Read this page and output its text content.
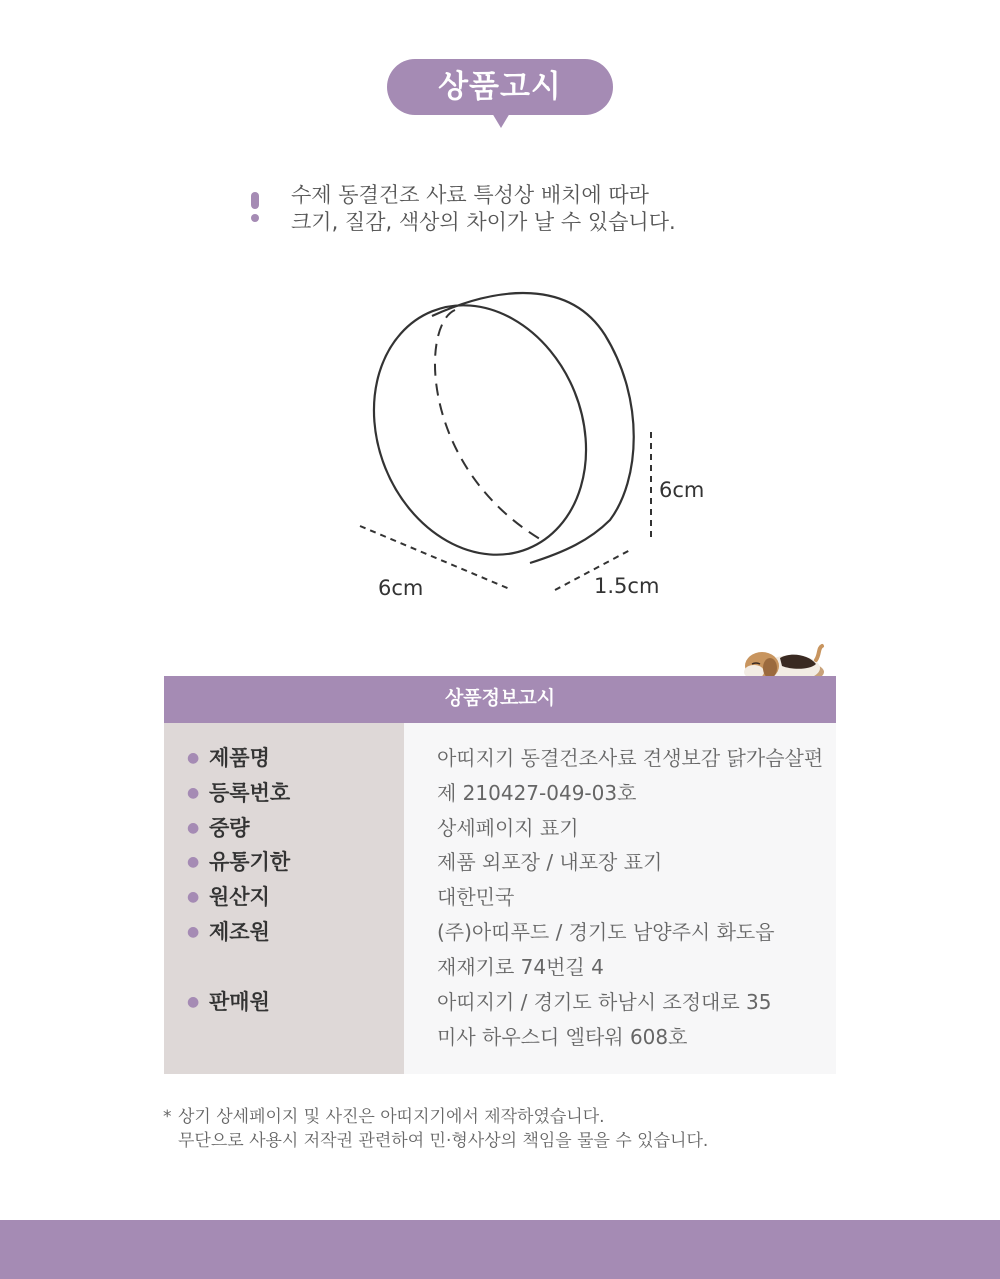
상품고시
수제 동결건조 사료 특성상 배치에 따라
크기, 질감, 색상의 차이가 날 수 있습니다.
6cm
6cm	1.5cm
상품정보고시
● 제품명	아띠지기 동결건조사료 견생보감 닭가슴살편
● 등록번호	제 210427-049-03호
● 중량	상세페이지 표기
● 유통기한	제품 외포장 / 내포장 표기
● 원산지	대한민국
● 제조원	(주)아띠푸드 / 경기도 남양주시 화도읍
재재기로 74번길 4
● 판매원	아띠지기 / 경기도 하남시 조정대로 35
미사 하우스디 엘타워 608호
* 상기 상세페이지 및 사진은 아띠지기에서 제작하였습니다.
무단으로 사용시 저작권 관련하여 민·형사상의 책임을 물을 수 있습니다.
